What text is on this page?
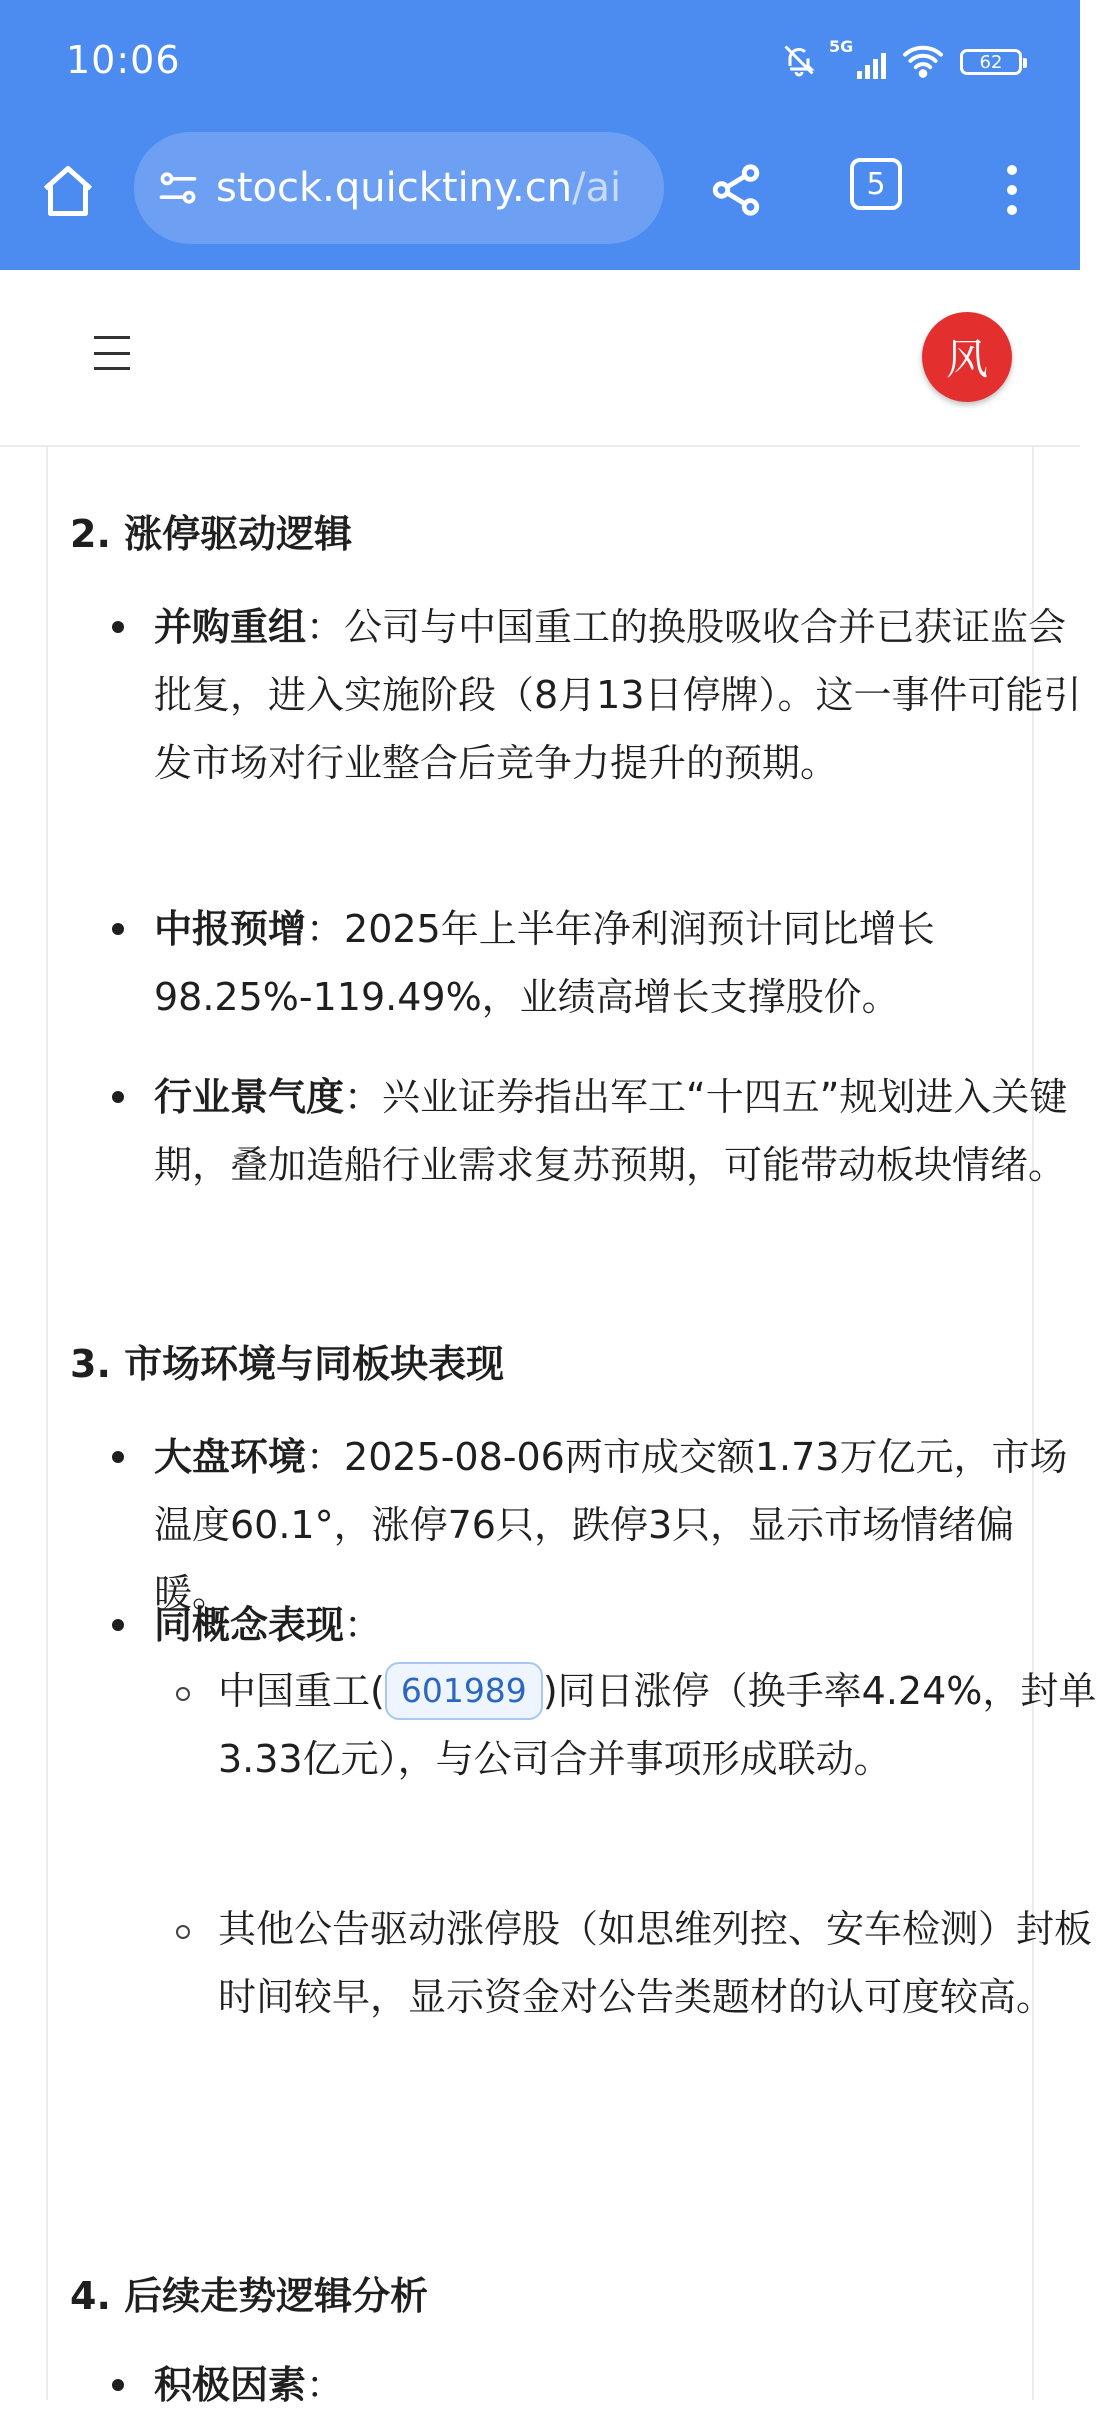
10:06	5G
62
stock.quicktiny.cn/ai	5
风
2. 涨停驱动逻辑
并购重组：公司与中国重工的换股吸收合并已获证监会批复，进入实施阶段（8月13日停牌）。这一事件可能引发市场对行业整合后竞争力提升的预期。
中报预增：2025年上半年净利润预计同比增长98.25%-119.49%，业绩高增长支撑股价。
行业景气度：兴业证券指出军工“十四五”规划进入关键期，叠加造船行业需求复苏预期，可能带动板块情绪。
3. 市场环境与同板块表现
大盘环境：2025-08-06两市成交额1.73万亿元，市场温度60.1°，涨停76只，跌停3只，显示市场情绪偏暖。
同概念表现：
中国重工( 601989 )同日涨停（换手率4.24%，封单3.33亿元），与公司合并事项形成联动。
其他公告驱动涨停股（如思维列控、安车检测）封板时间较早，显示资金对公告类题材的认可度较高。
4. 后续走势逻辑分析
积极因素：
